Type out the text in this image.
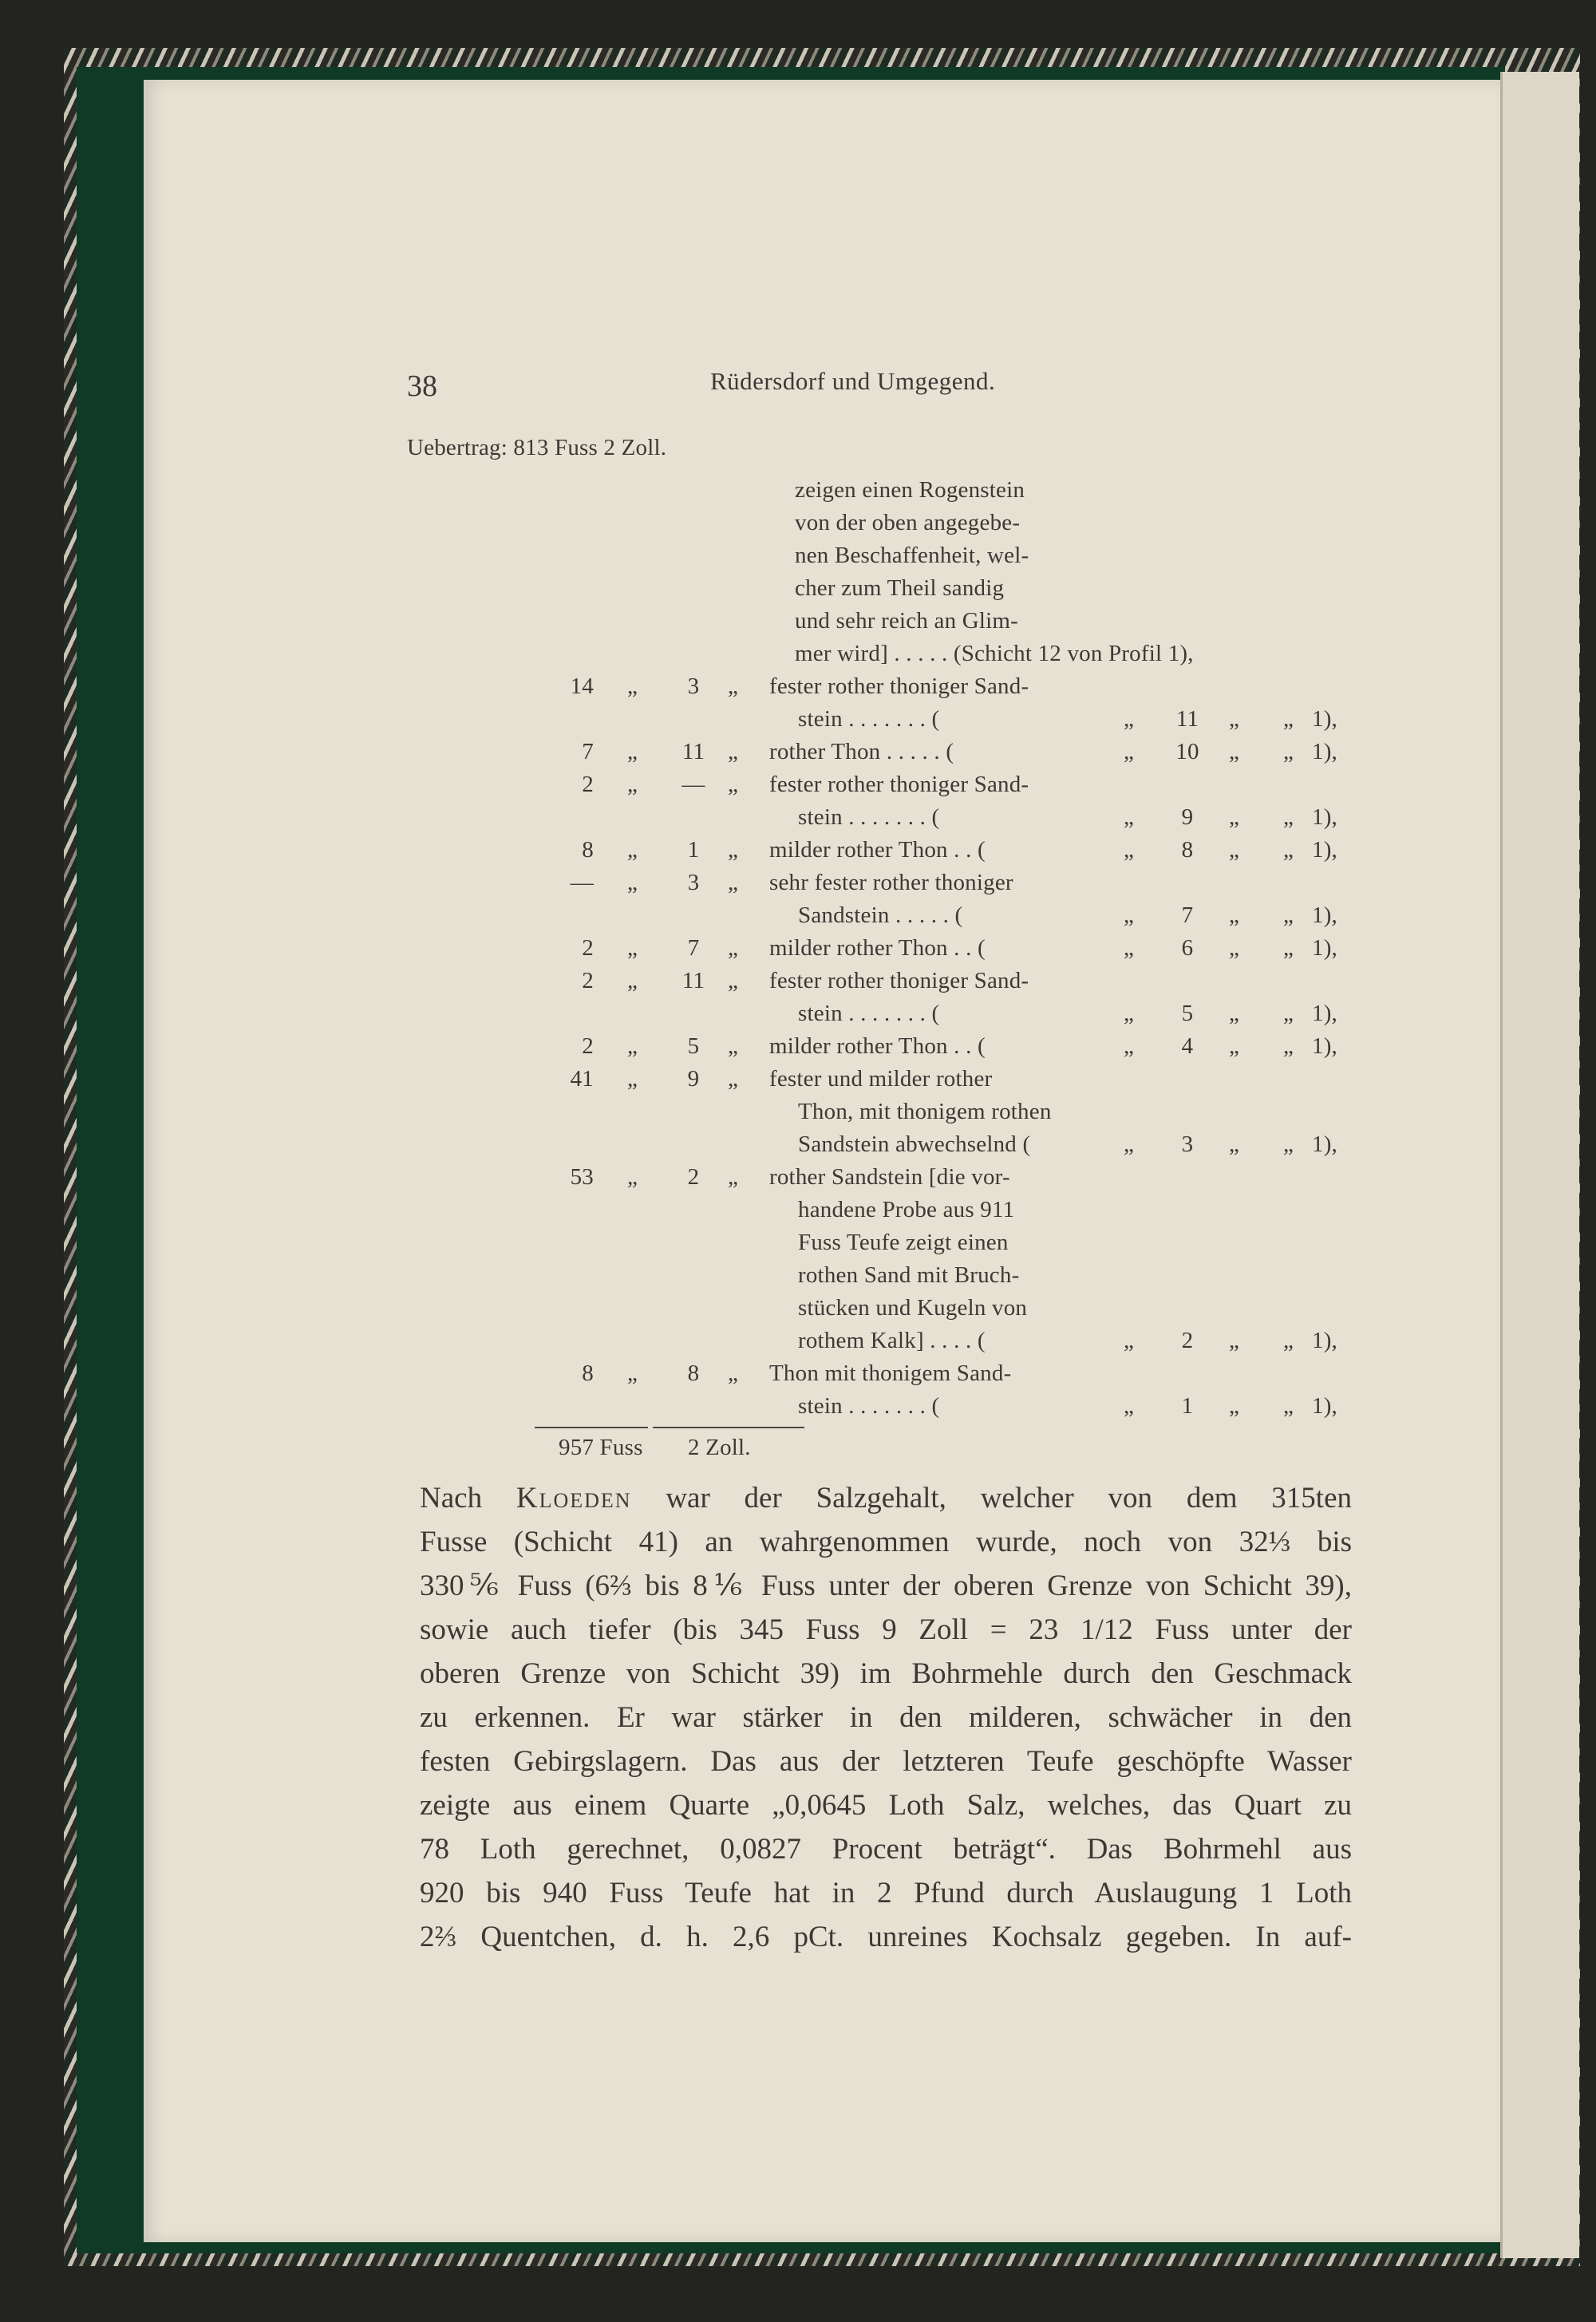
38	Rüdersdorf und Umgegend.
Uebertrag: 813 Fuss 2 Zoll.
zeigen einen Rogenstein
von der oben angegebe-
nen Beschaffenheit, wel-
cher zum Theil sandig
und sehr reich an Glim-
mer wird] . . . . . (Schicht 12 von Profil 1),
14 „	3	„ fester rother thoniger Sand-
stein . . . . . . . (	„	11	„ „ 1),
7 „	11 „ rother Thon . . . . . (	„	10	„ „ 1),
2 „	— „ fester rother thoniger Sand-
stein . . . . . . . (	„	9	„ „ 1),
8 „	1	„ milder rother Thon . . (	„	8	„ „ 1),
— „	3	„ sehr fester rother thoniger
Sandstein . . . . . (	„	7	„ „ 1),
2 „	7	„ milder rother Thon . . (	„	6	„ „ 1),
2 „	11 „ fester rother thoniger Sand-
stein . . . . . . . (	„	5	„ „ 1),
2 „	5	„ milder rother Thon . . (	„	4	„ „ 1),
41 „	9	„ fester und milder rother
Thon, mit thonigem rothen
Sandstein abwechselnd (	„	3	„ „ 1),
53 „	2	„ rother Sandstein [die vor-
handene Probe aus 911
Fuss Teufe zeigt einen
rothen Sand mit Bruch-
stücken und Kugeln von
rothem Kalk] . . . . (	„	2	„ „ 1),
8 „	8	„ Thon mit thonigem Sand-
stein . . . . . . . (	„	1	„ „ 1),
957 Fuss 2 Zoll.
Nach Kloeden war der Salzgehalt, welcher von dem 315ten
Fusse (Schicht 41) an wahrgenommen wurde, noch von 32⅓ bis
330⅚ Fuss (6⅔ bis 8⅙ Fuss unter der oberen Grenze von Schicht 39),
sowie auch tiefer (bis 345 Fuss 9 Zoll = 23 1/12 Fuss unter der
oberen Grenze von Schicht 39) im Bohrmehle durch den Geschmack
zu erkennen. Er war stärker in den milderen, schwächer in den
festen Gebirgslagern. Das aus der letzteren Teufe geschöpfte Wasser
zeigte aus einem Quarte „0,0645 Loth Salz, welches, das Quart zu
78 Loth gerechnet, 0,0827 Procent beträgt“. Das Bohrmehl aus
920 bis 940 Fuss Teufe hat in 2 Pfund durch Auslaugung 1 Loth
2⅔ Quentchen, d. h. 2,6 pCt. unreines Kochsalz gegeben. In auf-
